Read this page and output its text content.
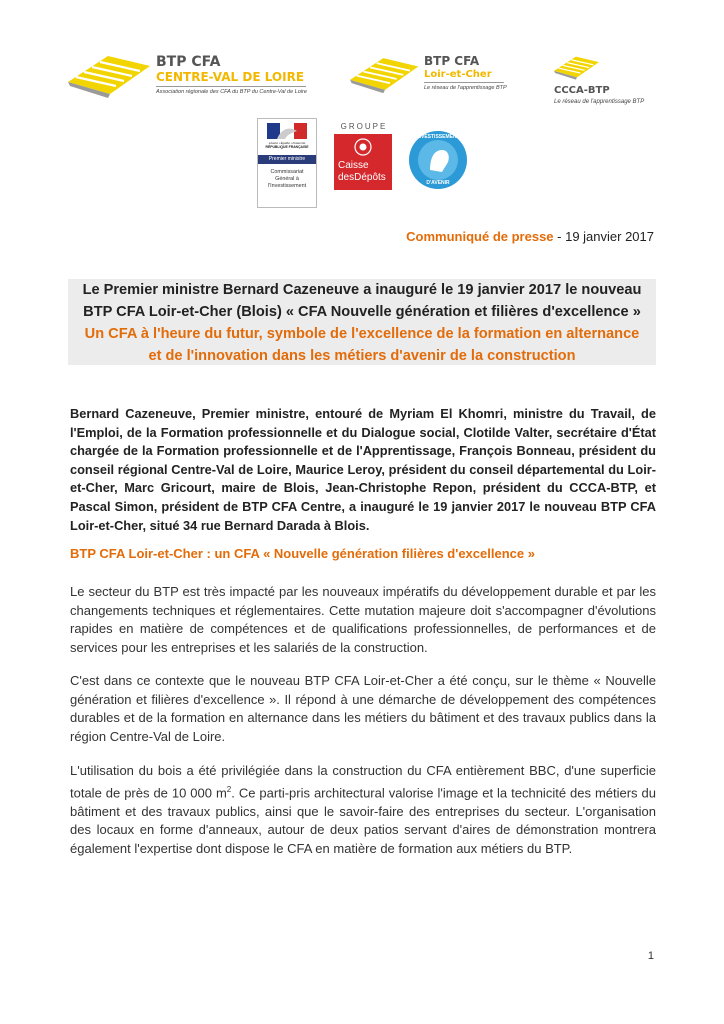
BTP CFA
CENTRE-VAL DE LOIRE
Association régionale des CFA du BTP du Centre-Val de Loire
BTP CFA
Loir-et-Cher
Le réseau de l'apprentissage BTP	CCCA-BTP
Le réseau de l'apprentissage BTP
Liberté • Égalité • Fraternité
RÉPUBLIQUE FRANÇAISE
Premier ministre
Commissariat Général à l'Investissement
GROUPE
Caisse
desDépôts
INVESTISSEMENTS
D'AVENIR
Communiqué de presse - 19 janvier 2017

Le Premier ministre Bernard Cazeneuve a inauguré le 19 janvier 2017 le nouveau

BTP CFA Loir-et-Cher (Blois) « CFA Nouvelle génération et filières d'excellence »

Un CFA à l'heure du futur, symbole de l'excellence de la formation en alternance

et de l'innovation dans les métiers d'avenir de la construction

Bernard Cazeneuve, Premier ministre, entouré de Myriam El Khomri, ministre du Travail, de l'Emploi, de la Formation professionnelle et du Dialogue social, Clotilde Valter, secrétaire d'État chargée de la Formation professionnelle et de l'Apprentissage, François Bonneau, président du conseil régional Centre-Val de Loire, Maurice Leroy, président du conseil départemental du Loir-et-Cher, Marc Gricourt, maire de Blois, Jean-Christophe Repon, président du CCCA-BTP, et Pascal Simon, président de BTP CFA Centre, a inauguré le 19 janvier 2017 le nouveau BTP CFA Loir-et-Cher, situé 34 rue Bernard Darada à Blois.

BTP CFA Loir-et-Cher : un CFA « Nouvelle génération filières d'excellence »

Le secteur du BTP est très impacté par les nouveaux impératifs du développement durable et par les changements techniques et réglementaires. Cette mutation majeure doit s'accompagner d'évolutions rapides en matière de compétences et de qualifications professionnelles, de performances et de services pour les entreprises et les salariés de la construction.

C'est dans ce contexte que le nouveau BTP CFA Loir-et-Cher a été conçu, sur le thème « Nouvelle génération et filières d'excellence ». Il répond à une démarche de développement des compétences durables et de la formation en alternance dans les métiers du bâtiment et des travaux publics dans la région Centre-Val de Loire.

L'utilisation du bois a été privilégiée dans la construction du CFA entièrement BBC, d'une superficie totale de près de 10 000 $m^2$. Ce parti-pris architectural valorise l'image et la technicité des métiers du bâtiment et des travaux publics, ainsi que le savoir-faire des entreprises du secteur. L'organisation des locaux en forme d'anneaux, autour de deux patios servant d'aires de démonstration montrera également l'expertise dont dispose le CFA en matière de formation aux métiers du BTP.

1
